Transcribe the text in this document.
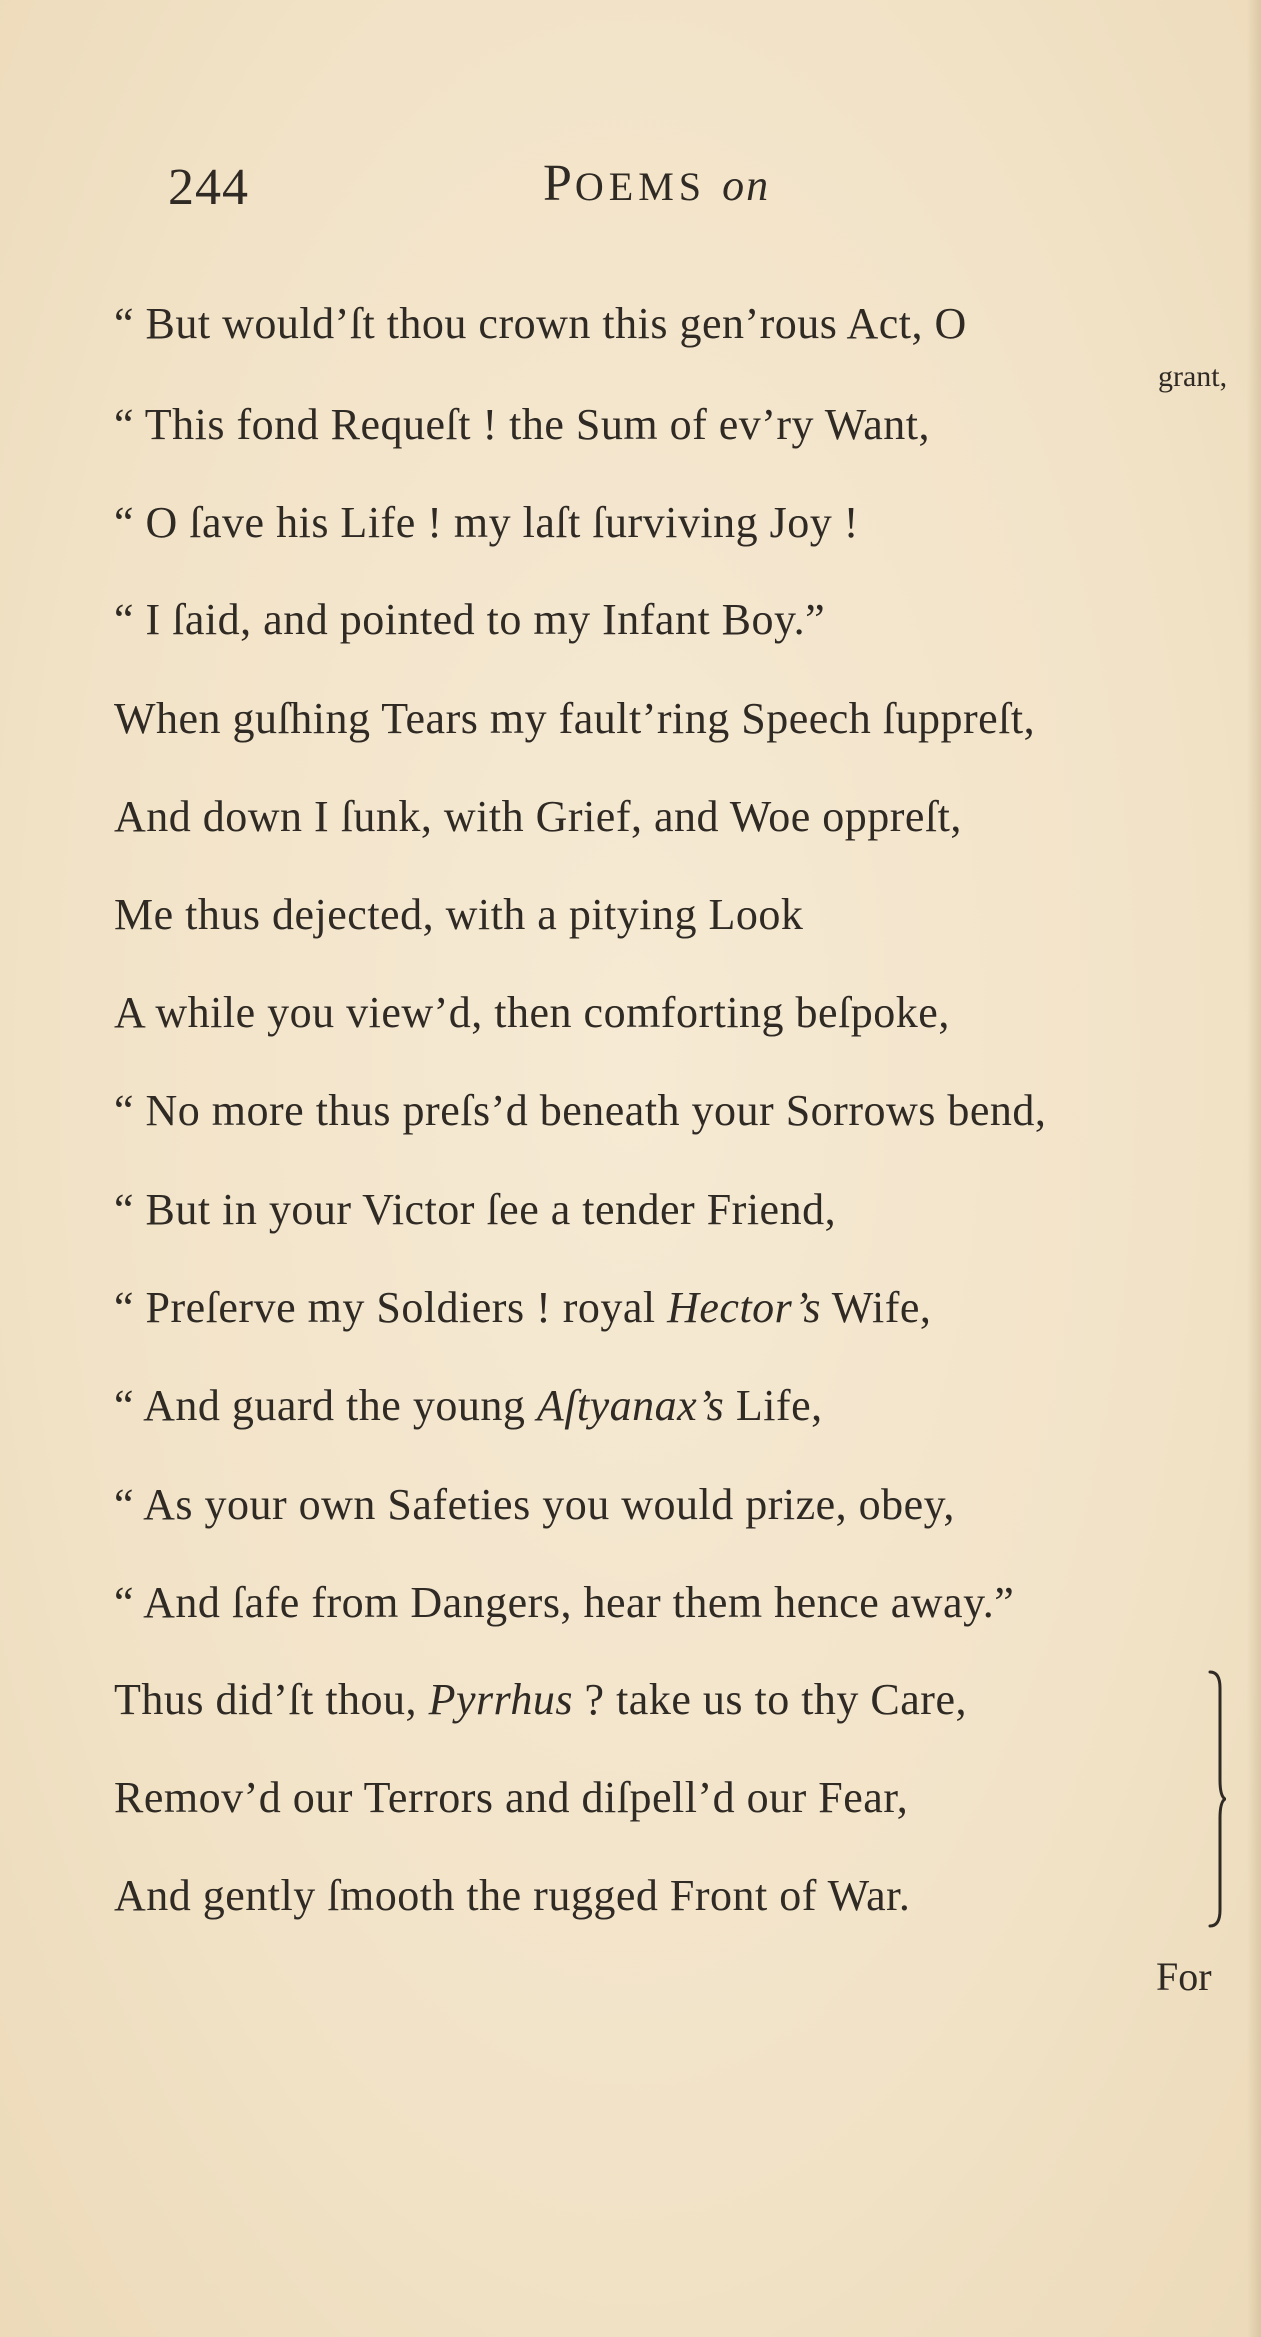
244	POEMS on
“ But would’ſt thou crown this gen’rous Act, O
“ This fond Requeſt ! the Sum of ev’ry Want,
“ O ſave his Life ! my laſt ſurviving Joy !
“ I ſaid, and pointed to my Infant Boy.”
When guſhing Tears my fault’ring Speech ſuppreſt,
And down I ſunk, with Grief, and Woe oppreſt,
Me thus dejected, with a pitying Look
A while you view’d, then comforting beſpoke,
“ No more thus preſs’d beneath your Sorrows bend,
“ But in your Victor ſee a tender Friend,
“ Preſerve my Soldiers ! royal Hector’s Wife,
“ And guard the young Aſtyanax’s Life,
“ As your own Safeties you would prize, obey,
“ And ſafe from Dangers, hear them hence away.”
Thus did’ſt thou, Pyrrhus ? take us to thy Care,
Remov’d our Terrors and diſpell’d our Fear,
And gently ſmooth the rugged Front of War.
grant,
For
